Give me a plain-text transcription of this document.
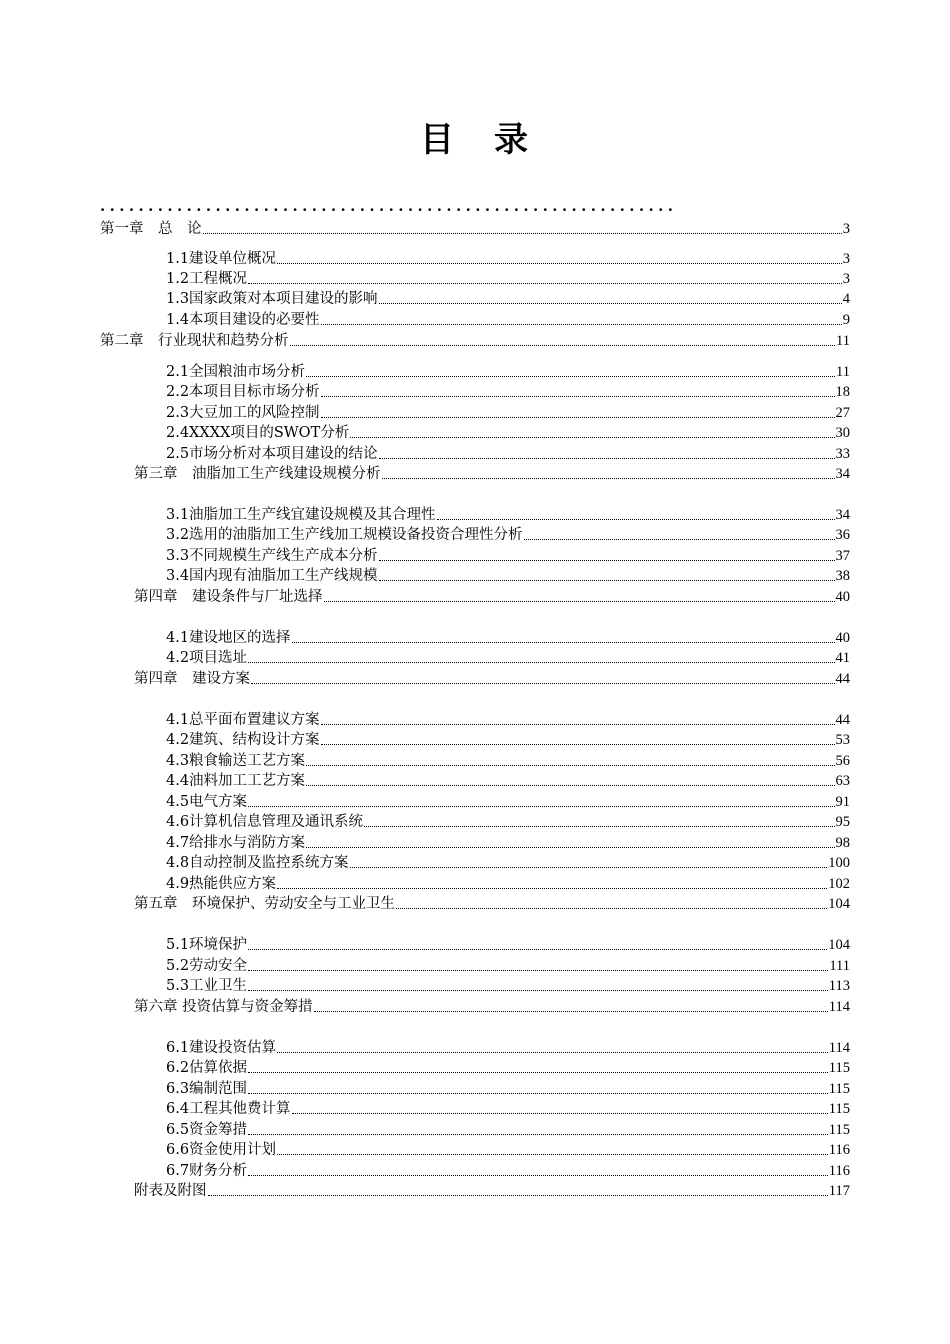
目 录
............................................................
第一章　总　论	3
1.1建设单位概况	3
1.2工程概况	3
1.3国家政策对本项目建设的影响	4
1.4本项目建设的必要性	9
第二章　行业现状和趋势分析	11
2.1全国粮油市场分析	11
2.2本项目目标市场分析	18
2.3大豆加工的风险控制	27
2.4XXXX项目的SWOT分析	30
2.5市场分析对本项目建设的结论	33
第三章　油脂加工生产线建设规模分析	34
3.1油脂加工生产线宜建设规模及其合理性	34
3.2选用的油脂加工生产线加工规模设备投资合理性分析	36
3.3不同规模生产线生产成本分析	37
3.4国内现有油脂加工生产线规模	38
第四章　建设条件与厂址选择	40
4.1建设地区的选择	40
4.2项目选址	41
第四章　建设方案	44
4.1总平面布置建议方案	44
4.2建筑、结构设计方案	53
4.3粮食输送工艺方案	56
4.4油料加工工艺方案	63
4.5电气方案	91
4.6计算机信息管理及通讯系统	95
4.7给排水与消防方案	98
4.8自动控制及监控系统方案	100
4.9热能供应方案	102
第五章　环境保护、劳动安全与工业卫生	104
5.1环境保护	104
5.2劳动安全	111
5.3工业卫生	113
第六章 投资估算与资金筹措	114
6.1建设投资估算	114
6.2估算依据	115
6.3编制范围	115
6.4工程其他费计算	115
6.5资金筹措	115
6.6资金使用计划	116
6.7财务分析	116
附表及附图	117
